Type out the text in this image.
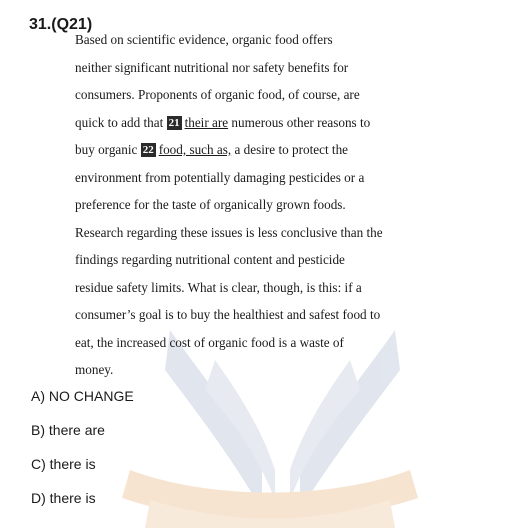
31.(Q21)
Based on scientific evidence, organic food offers
neither significant nutritional nor safety benefits for
consumers. Proponents of organic food, of course, are
quick to add that 21 their are numerous other reasons to
buy organic 22 food, such as, a desire to protect the
environment from potentially damaging pesticides or a
preference for the taste of organically grown foods.
Research regarding these issues is less conclusive than the
findings regarding nutritional content and pesticide
residue safety limits. What is clear, though, is this: if a
consumer’s goal is to buy the healthiest and safest food to
eat, the increased cost of organic food is a waste of
money.
A) NO CHANGE
B) there are
C) there is
D) there is
